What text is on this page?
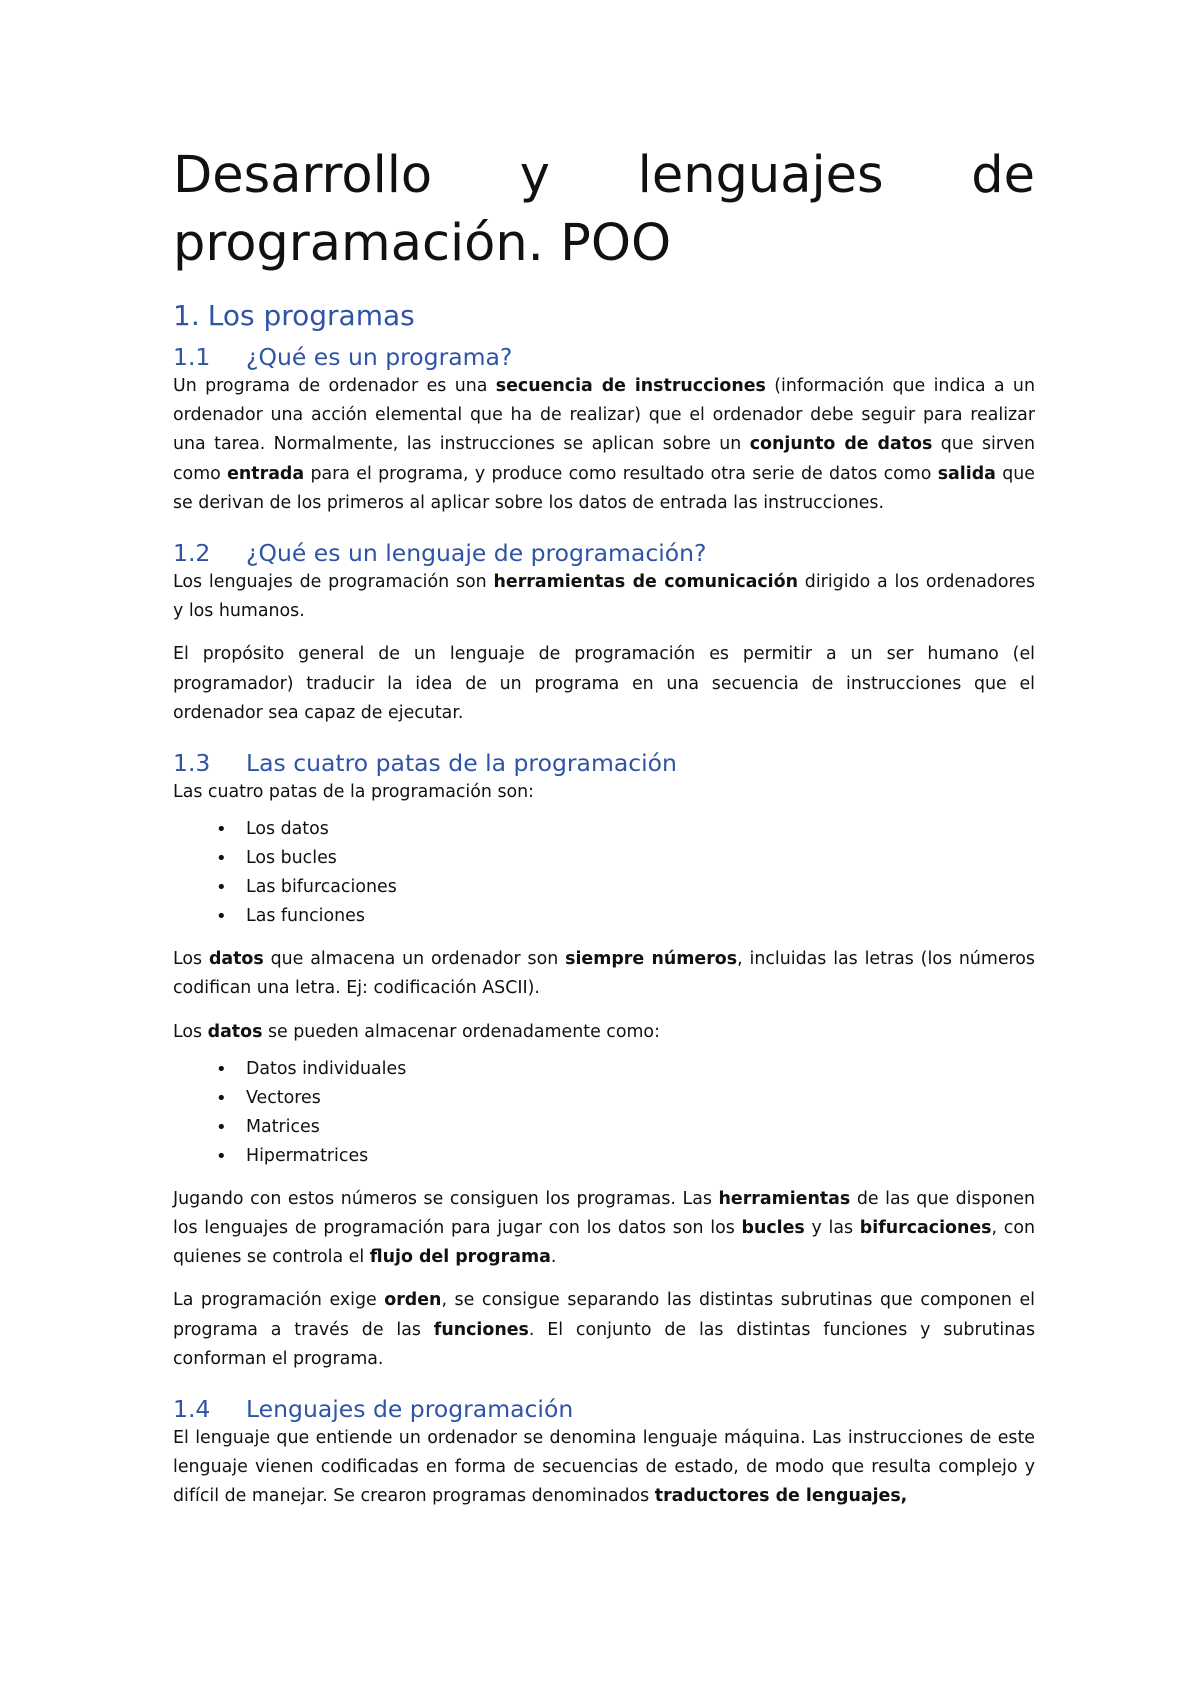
Desarrollo y lenguajes de programación. POO
1. Los programas
1.1 ¿Qué es un programa?

Un programa de ordenador es una secuencia de instrucciones (información que indica a un ordenador una acción elemental que ha de realizar) que el ordenador debe seguir para realizar una tarea. Normalmente, las instrucciones se aplican sobre un conjunto de datos que sirven como entrada para el programa, y produce como resultado otra serie de datos como salida que se derivan de los primeros al aplicar sobre los datos de entrada las instrucciones.

1.2 ¿Qué es un lenguaje de programación?

Los lenguajes de programación son herramientas de comunicación dirigido a los ordenadores y los humanos.

El propósito general de un lenguaje de programación es permitir a un ser humano (el programador) traducir la idea de un programa en una secuencia de instrucciones que el ordenador sea capaz de ejecutar.

1.3 Las cuatro patas de la programación

Las cuatro patas de la programación son:

• Los datos
• Los bucles
• Las bifurcaciones
• Las funciones

Los datos que almacena un ordenador son siempre números, incluidas las letras (los números codifican una letra. Ej: codificación ASCII).

Los datos se pueden almacenar ordenadamente como:

• Datos individuales
• Vectores
• Matrices
• Hipermatrices

Jugando con estos números se consiguen los programas. Las herramientas de las que disponen los lenguajes de programación para jugar con los datos son los bucles y las bifurcaciones, con quienes se controla el flujo del programa.

La programación exige orden, se consigue separando las distintas subrutinas que componen el programa a través de las funciones. El conjunto de las distintas funciones y subrutinas conforman el programa.

1.4 Lenguajes de programación

El lenguaje que entiende un ordenador se denomina lenguaje máquina. Las instrucciones de este lenguaje vienen codificadas en forma de secuencias de estado, de modo que resulta complejo y difícil de manejar. Se crearon programas denominados traductores de lenguajes,
